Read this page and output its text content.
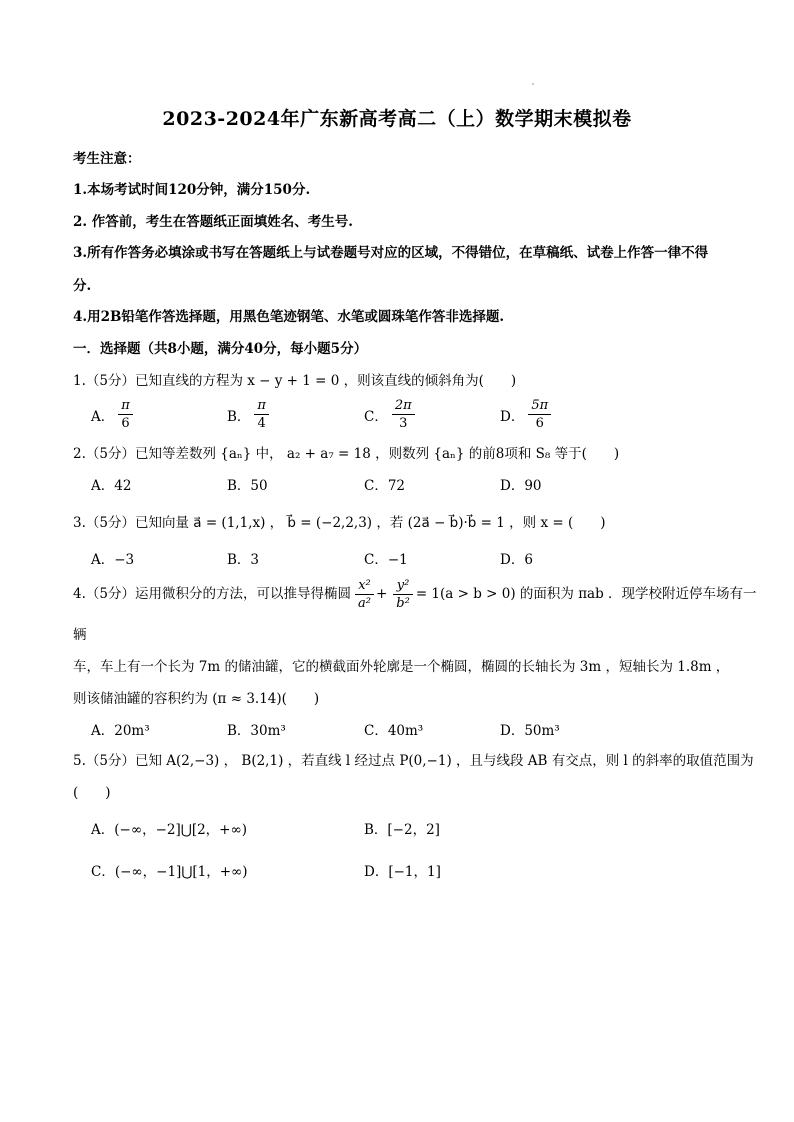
2023-2024年广东新高考高二（上）数学期末模拟卷
考生注意：
1.本场考试时间120分钟，满分150分.
2. 作答前，考生在答题纸正面填姓名、考生号.
3.所有作答务必填涂或书写在答题纸上与试卷题号对应的区域，不得错位，在草稿纸、试卷上作答一律不得
分.
4.用2B铅笔作答选择题，用黑色笔迹钢笔、水笔或圆珠笔作答非选择题.
一．选择题（共8小题，满分40分，每小题5分）
1.（5分）已知直线的方程为 x − y + 1 = 0 ，则该直线的倾斜角为(　　)
A． $\frac{\pi}{6}$	B． $\frac{\pi}{4}$	C． $\frac{2\pi}{3}$	D． $\frac{5\pi}{6}$
2.（5分）已知等差数列 {aₙ} 中， a₂ + a₇ = 18 ，则数列 {aₙ} 的前8项和 S₈ 等于(　　)
A．42	B．50	C．72	D．90
3.（5分）已知向量 a⃗ = (1,1,x) ， b⃗ = (−2,2,3) ，若 (2a⃗ − b⃗)·b⃗ = 1 ，则 x = (　　)
A．−3	B．3	C．−1	D．6
4.（5分）运用微积分的方法，可以推导得椭圆 $\frac{\text{x²}}{\text{a²}} + \frac{\text{y²}}{\text{b²}} = 1(a > b > 0)$ 的面积为 πab ．现学校附近停车场有一
辆
车，车上有一个长为 7m 的储油罐，它的横截面外轮廓是一个椭圆，椭圆的长轴长为 3m ，短轴长为 1.8m ，
则该储油罐的容积约为 (π ≈ 3.14)(　　)
A．20m³	B．30m³	C．40m³	D．50m³
5.（5分）已知 A(2,−3) ， B(2,1) ，若直线 l 经过点 P(0,−1) ，且与线段 AB 有交点，则 l 的斜率的取值范围为
(　　)
A．(−∞，−2]⋃[2，+∞)	B．[−2，2]
C．(−∞，−1]⋃[1，+∞)	D．[−1，1]
